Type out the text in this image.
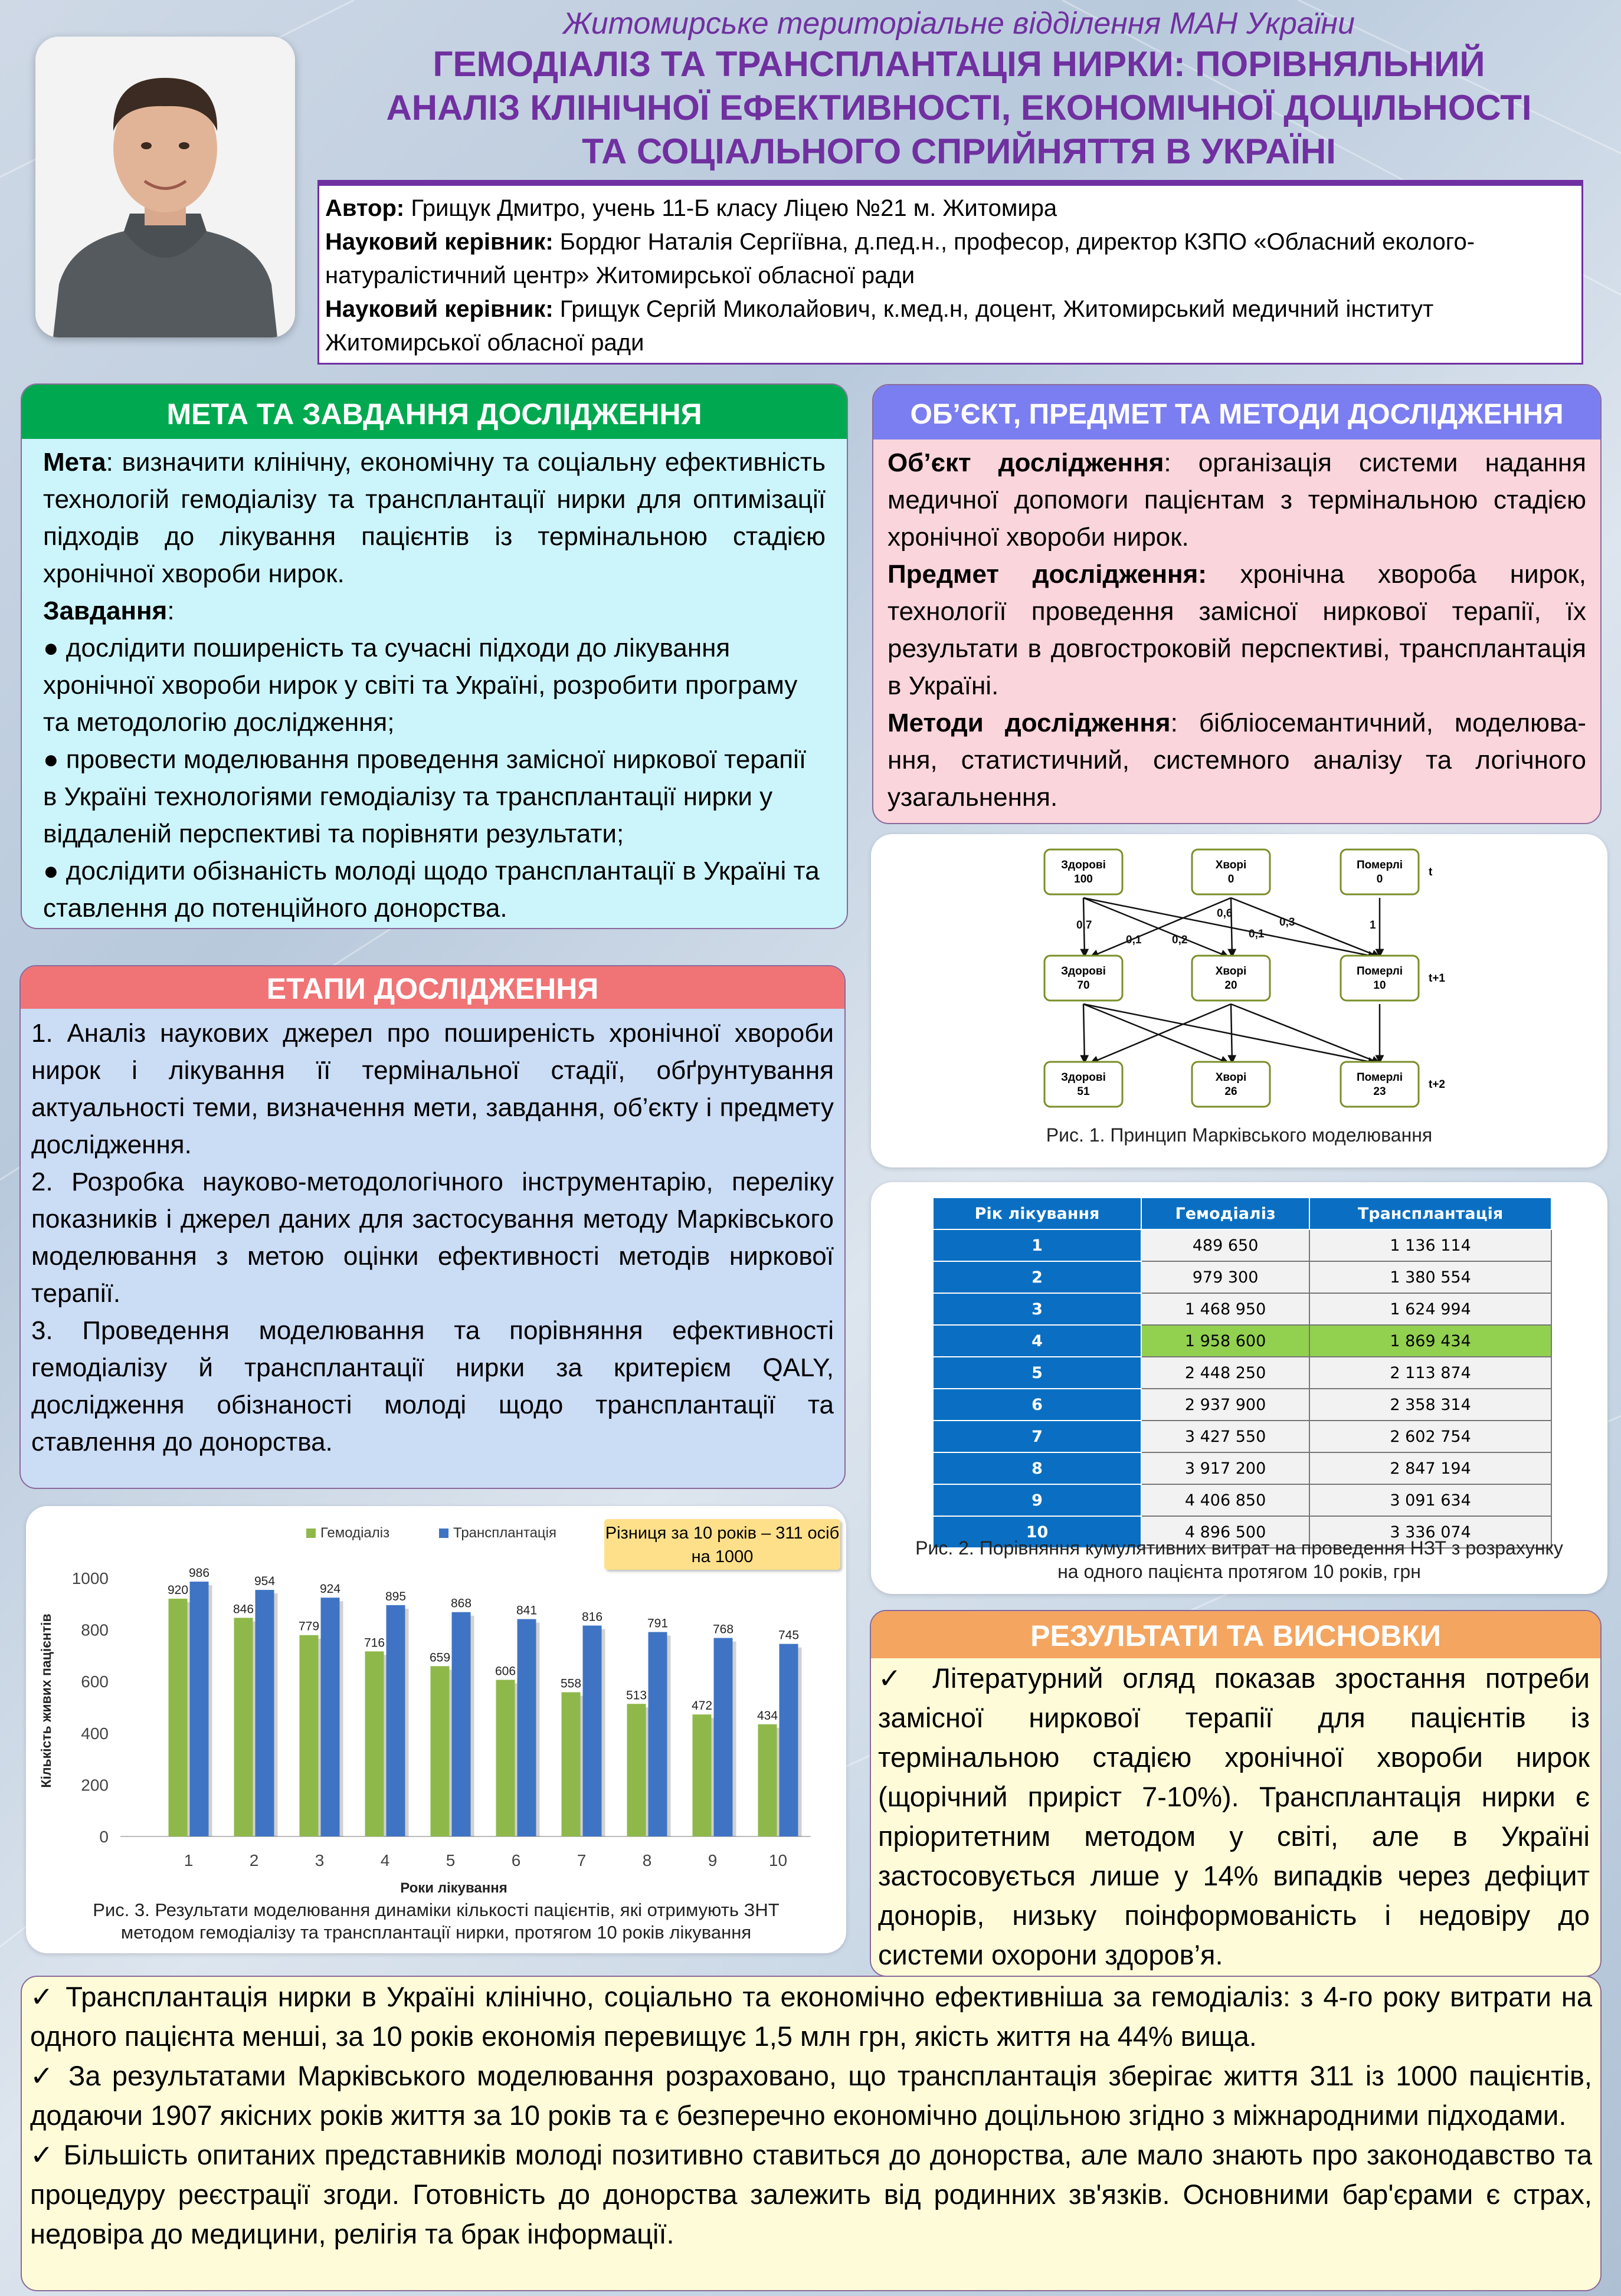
Житомирське територіальне відділення МАН України
ГЕМОДІАЛІЗ ТА ТРАНСПЛАНТАЦІЯ НИРКИ: ПОРІВНЯЛЬНИЙ
АНАЛІЗ КЛІНІЧНОЇ ЕФЕКТИВНОСТІ, ЕКОНОМІЧНОЇ ДОЦІЛЬНОСТІ
ТА СОЦІАЛЬНОГО СПРИЙНЯТТЯ В УКРАЇНІ
Автор: Грищук Дмитро, учень 11-Б класу Ліцею №21 м. Житомира
Науковий керівник: Бордюг Наталія Сергіївна, д.пед.н., професор, директор КЗПО «Обласний еколого-натуралістичний центр» Житомирської обласної ради
Науковий керівник: Грищук Сергій Миколайович, к.мед.н, доцент, Житомирський медичний інститут Житомирської обласної ради
МЕТА ТА ЗАВДАННЯ ДОСЛІДЖЕННЯ

Мета: визначити клінічну, економічну та соціальну ефективність технологій гемодіалізу та трансплантації нирки для оптимізації підходів до лікування пацієнтів із термінальною стадією хронічної хвороби нирок.

Завдання:

● дослідити поширеність та сучасні підходи до лікування хронічної хвороби нирок у світі та Україні, розробити програму та методологію дослідження;

● провести моделювання проведення замісної ниркової терапії в Україні технологіями гемодіалізу та трансплантації нирки у віддаленій перспективі та порівняти результати;

● дослідити обізнаність молоді щодо трансплантації в Україні та ставлення до потенційного донорства.

ЕТАПИ ДОСЛІДЖЕННЯ

1. Аналіз наукових джерел про поширеність хронічної хвороби нирок і лікування її термінальної стадії, обґрунтування актуальності теми, визначення мети, завдання, об’єкту і предмету дослідження.

2. Розробка науково-методологічного інструментарію, переліку показників і джерел даних для застосування методу Марківського моделювання з метою оцінки ефективності методів ниркової терапії.

3. Проведення моделювання та порівняння ефективності гемодіалізу й трансплантації нирки за критерієм QALY, дослідження обізнаності молоді щодо трансплантації та ставлення до донорства.

ОБ’ЄКТ, ПРЕДМЕТ ТА МЕТОДИ ДОСЛІДЖЕННЯ

Об’єкт дослідження: організація системи надання медичної допомоги пацієнтам з термінальною стадією хронічної хвороби нирок.

Предмет дослідження: хронічна хвороба нирок, технології проведення замісної ниркової терапії, їх результати в довгостроковій перспективі, трансплантація в Україні.

Методи дослідження: бібліосемантичний, моделюва-ння, статистичний, системного аналізу та логічного узагальнення.

Здорові
100
Хворі
0
Померлі
0
t
Здорові
70
Хворі
20
Померлі
10
t+1
Здорові
51
Хворі
26
Померлі
23
t+2
0,7
0,1	0,2
0,6
0,1
0,3	1
Рис. 1. Принцип Марківського моделювання
Рік лікування	Гемодіаліз	Трансплантація
1	489 650	1 136 114
2	979 300	1 380 554
3	1 468 950	1 624 994
4	1 958 600	1 869 434
5	2 448 250	2 113 874
6	2 937 900	2 358 314
7	3 427 550	2 602 754
8	3 917 200	2 847 194
9	4 406 850	3 091 634
10	4 896 500	3 336 074
Рис. 2. Порівняння кумулятивних витрат на проведення НЗТ з розрахунку
на одного пацієнта протягом 10 років, грн
Гемодіаліз	Трансплантація
0
200
400
600
800
1000
Кількість живих пацієнтів
920
986
1
846
954
2
779
924
3
716
895
4
659
868
5
606
841
6
558
816
7
513
791
8
472
768
9
434
745
10
Роки лікування
Різниця за 10 років – 311 осіб на 1000
Рис. 3. Результати моделювання динаміки кількості пацієнтів, які отримують ЗНТ
методом гемодіалізу та трансплантації нирки, протягом 10 років лікування
РЕЗУЛЬТАТИ ТА ВИСНОВКИ

✓ Літературний огляд показав зростання потреби замісної ниркової терапії для пацієнтів із термінальною стадією хронічної хвороби нирок (щорічний приріст 7-10%). Трансплантація нирки є пріоритетним методом у світі, але в Україні застосовується лише у 14% випадків через дефіцит донорів, низьку поінформованість і недовіру до системи охорони здоров’я.

✓ Трансплантація нирки в Україні клінічно, соціально та економічно ефективніша за гемодіаліз: з 4-го року витрати на одного пацієнта менші, за 10 років економія перевищує 1,5 млн грн, якість життя на 44% вища.

✓ За результатами Марківського моделювання розраховано, що трансплантація зберігає життя 311 із 1000 пацієнтів, додаючи 1907 якісних років життя за 10 років та є безперечно економічно доцільною згідно з міжнародними підходами.

✓ Більшість опитаних представників молоді позитивно ставиться до донорства, але мало знають про законодавство та процедуру реєстрації згоди. Готовність до донорства залежить від родинних зв'язків. Основними бар'єрами є страх, недовіра до медицини, релігія та брак інформації.
